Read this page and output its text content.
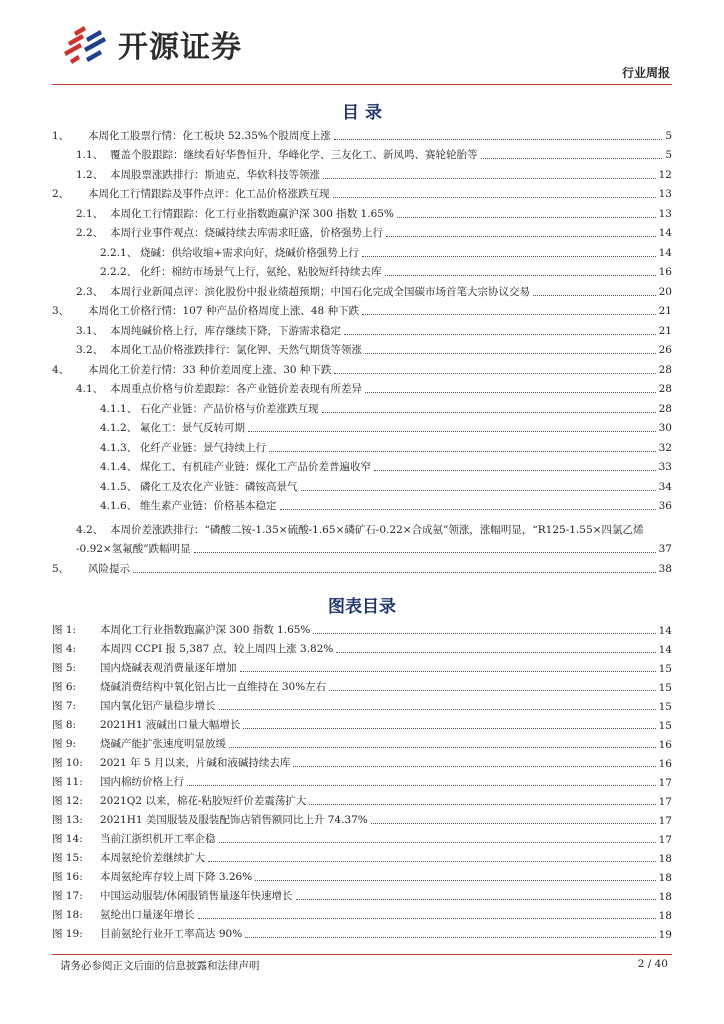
开源证券
行业周报
目 录
1、	本周化工股票行情：化工板块 52.35%个股周度上涨	5
1.1、 覆盖个股跟踪：继续看好华鲁恒升、华峰化学、三友化工、新凤鸣、赛轮轮胎等	5
1.2、 本周股票涨跌排行：斯迪克、华软科技等领涨	12
2、	本周化工行情跟踪及事件点评：化工品价格涨跌互现	13
2.1、 本周化工行情跟踪：化工行业指数跑赢沪深 300 指数 1.65%	13
2.2、 本周行业事件观点：烧碱持续去库需求旺盛，价格强势上行	14
2.2.1、 烧碱：供给收缩+需求向好，烧碱价格强势上行	14
2.2.2、 化纤：棉纺市场景气上行，氨纶、粘胶短纤持续去库	16
2.3、 本周行业新闻点评：滨化股份中报业绩超预期；中国石化完成全国碳市场首笔大宗协议交易	20
3、	本周化工价格行情：107 种产品价格周度上涨、48 种下跌	21
3.1、 本周纯碱价格上行，库存继续下降，下游需求稳定	21
3.2、 本周化工品价格涨跌排行：氯化钾、天然气期货等领涨	26
4、	本周化工价差行情：33 种价差周度上涨、30 种下跌	28
4.1、 本周重点价格与价差跟踪：各产业链价差表现有所差异	28
4.1.1、 石化产业链：产品价格与价差涨跌互现	28
4.1.2、 氟化工：景气反转可期	30
4.1.3、 化纤产业链：景气持续上行	32
4.1.4、 煤化工、有机硅产业链：煤化工产品价差普遍收窄	33
4.1.5、 磷化工及农化产业链：磷铵高景气	34
4.1.6、 维生素产业链：价格基本稳定	36
4.2、 本周价差涨跌排行：“磷酸二铵-1.35×硫酸-1.65×磷矿石-0.22×合成氨”领涨，涨幅明显，“R125-1.55×四氯乙烯
-0.92×氢氟酸”跌幅明显	37
5、	风险提示	38
图表目录
图 1:	本周化工行业指数跑赢沪深 300 指数 1.65%	14
图 4:	本周四 CCPI 报 5,387 点，较上周四上涨 3.82%	14
图 5:	国内烧碱表观消费量逐年增加	15
图 6:	烧碱消费结构中氧化铝占比一直维持在 30%左右	15
图 7:	国内氧化铝产量稳步增长	15
图 8:	2021H1 液碱出口量大幅增长	15
图 9:	烧碱产能扩张速度明显放缓	16
图 10:	2021 年 5 月以来，片碱和液碱持续去库	16
图 11:	国内棉纺价格上行	17
图 12:	2021Q2 以来，棉花-粘胶短纤价差震荡扩大	17
图 13:	2021H1 美国服装及服装配饰店销售额同比上升 74.37%	17
图 14:	当前江浙织机开工率企稳	17
图 15:	本周氨纶价差继续扩大	18
图 16:	本周氨纶库存较上周下降 3.26%	18
图 17:	中国运动服装/休闲服销售量逐年快速增长	18
图 18:	氨纶出口量逐年增长	18
图 19:	目前氨纶行业开工率高达 90%	19
请务必参阅正文后面的信息披露和法律声明	2 / 40
